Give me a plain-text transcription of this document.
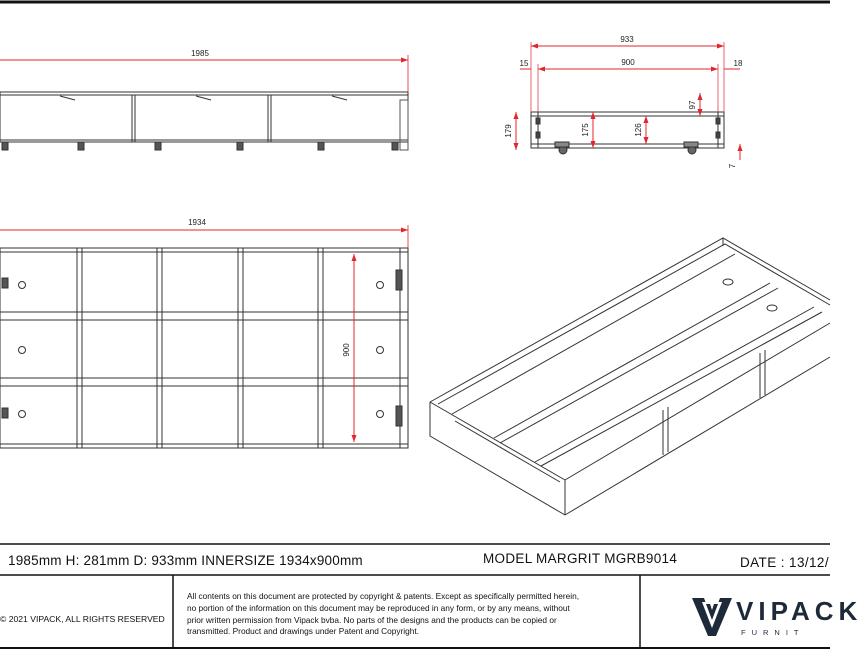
1985
933
15	900	18
97
179	175	126
7
1934
900
1985mm H: 281mm D: 933mm INNERSIZE 1934x900mm	MODEL MARGRIT MGRB9014	DATE : 13/12/
© 2021 VIPACK, ALL RIGHTS RESERVED
All contents on this document are protected by copyright & patents. Except as specifically permitted herein,
no portion of the information on this document may be reproduced in any form, or by any means, without
prior written permission from Vipack bvba. No parts of the designs and the products can be copied or
transmitted. Product and drawings under Patent and Copyright.
VIPACK
FURNIT
